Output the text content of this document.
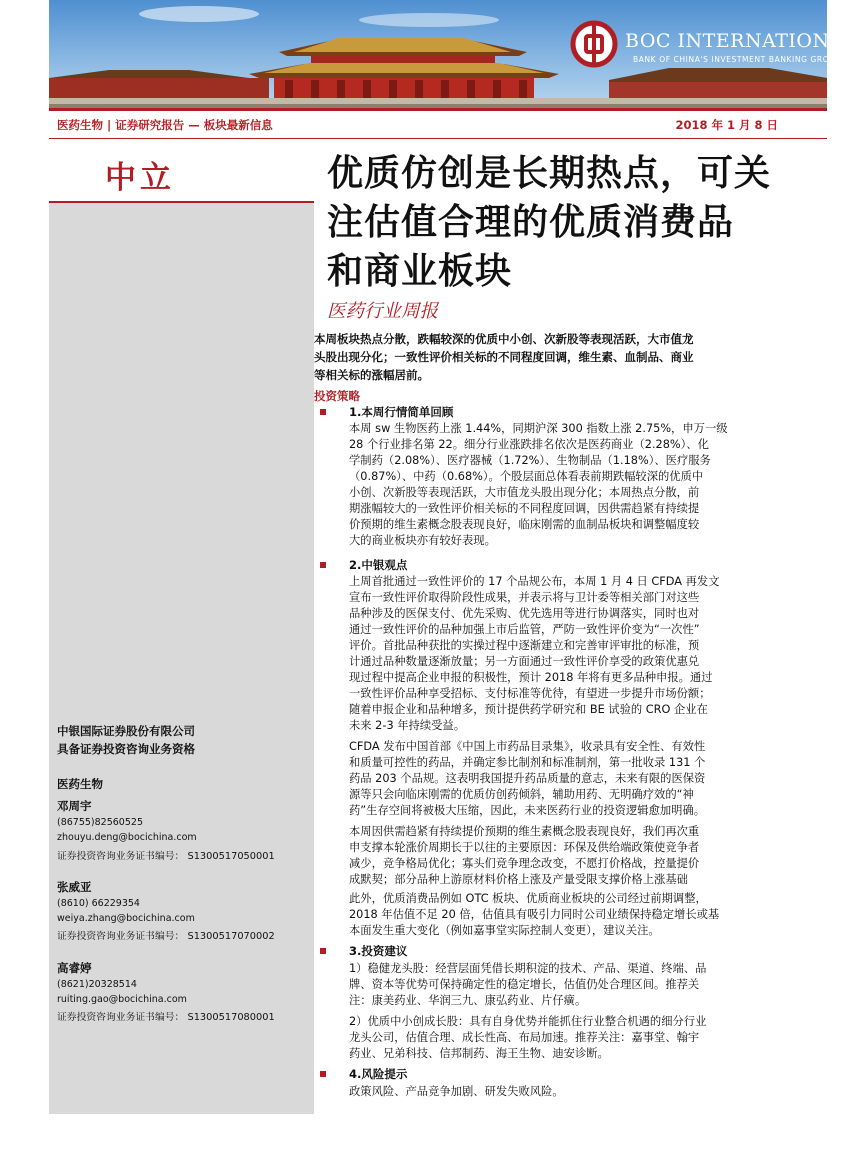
BOC INTERNATIONAL
BANK OF CHINA'S INVESTMENT BANKING GROUP
医药生物 | 证券研究报告 — 板块最新信息	2018 年 1 月 8 日
中立
中银国际证券股份有限公司
具备证券投资咨询业务资格
医药生物
邓周宇
(86755)82560525
zhouyu.deng@bocichina.com
证券投资咨询业务证书编号： S1300517050001
张威亚
(8610) 66229354
weiya.zhang@bocichina.com
证券投资咨询业务证书编号： S1300517070002
高睿婷
(8621)20328514
ruiting.gao@bocichina.com
证券投资咨询业务证书编号： S1300517080001
优质仿创是长期热点，可关
注估值合理的优质消费品
和商业板块
医药行业周报
本周板块热点分散，跌幅较深的优质中小创、次新股等表现活跃，大市值龙
头股出现分化；一致性评价相关标的不同程度回调，维生素、血制品、商业
等相关标的涨幅居前。
投资策略
1.本周行情简单回顾
本周 sw 生物医药上涨 1.44%，同期沪深 300 指数上涨 2.75%，申万一级
28 个行业排名第 22。细分行业涨跌排名依次是医药商业（2.28%）、化
学制药（2.08%）、医疗器械（1.72%）、生物制品（1.18%）、医疗服务
（0.87%）、中药（0.68%）。个股层面总体看表前期跌幅较深的优质中
小创、次新股等表现活跃，大市值龙头股出现分化；本周热点分散，前
期涨幅较大的一致性评价相关标的不同程度回调，因供需趋紧有持续提
价预期的维生素概念股表现良好，临床刚需的血制品板块和调整幅度较
大的商业板块亦有较好表现。
2.中银观点
上周首批通过一致性评价的 17 个品规公布，本周 1 月 4 日 CFDA 再发文
宣布一致性评价取得阶段性成果，并表示将与卫计委等相关部门对这些
品种涉及的医保支付、优先采购、优先选用等进行协调落实，同时也对
通过一致性评价的品种加强上市后监管，严防一致性评价变为“一次性”
评价。首批品种获批的实操过程中逐渐建立和完善审评审批的标准，预
计通过品种数量逐渐放量；另一方面通过一致性评价享受的政策优惠兑
现过程中提高企业申报的积极性，预计 2018 年将有更多品种申报。通过
一致性评价品种享受招标、支付标准等优待，有望进一步提升市场份额；
随着申报企业和品种增多，预计提供药学研究和 BE 试验的 CRO 企业在
未来 2-3 年持续受益。
CFDA 发布中国首部《中国上市药品目录集》，收录具有安全性、有效性
和质量可控性的药品，并确定参比制剂和标准制剂，第一批收录 131 个
药品 203 个品规。这表明我国提升药品质量的意志，未来有限的医保资
源等只会向临床刚需的优质仿创药倾斜，辅助用药、无明确疗效的“神
药”生存空间将被极大压缩，因此，未来医药行业的投资逻辑愈加明确。
本周因供需趋紧有持续提价预期的维生素概念股表现良好，我们再次重
申支撑本轮涨价周期长于以往的主要原因：环保及供给端政策使竞争者
减少，竞争格局优化；寡头们竞争理念改变，不愿打价格战，控量提价
成默契；部分品种上游原材料价格上涨及产量受限支撑价格上涨基础
此外，优质消费品例如 OTC 板块、优质商业板块的公司经过前期调整，
2018 年估值不足 20 倍，估值具有吸引力同时公司业绩保持稳定增长或基
本面发生重大变化（例如嘉事堂实际控制人变更），建议关注。
3.投资建议
1）稳健龙头股：经营层面凭借长期积淀的技术、产品、渠道、终端、品
牌、资本等优势可保持确定性的稳定增长，估值仍处合理区间。推荐关
注：康美药业、华润三九、康弘药业、片仔癀。
2）优质中小创成长股：具有自身优势并能抓住行业整合机遇的细分行业
龙头公司，估值合理、成长性高、布局加速。推荐关注：嘉事堂、翰宇
药业、兄弟科技、信邦制药、海王生物、迪安诊断。
4.风险提示
政策风险、产品竞争加剧、研发失败风险。
